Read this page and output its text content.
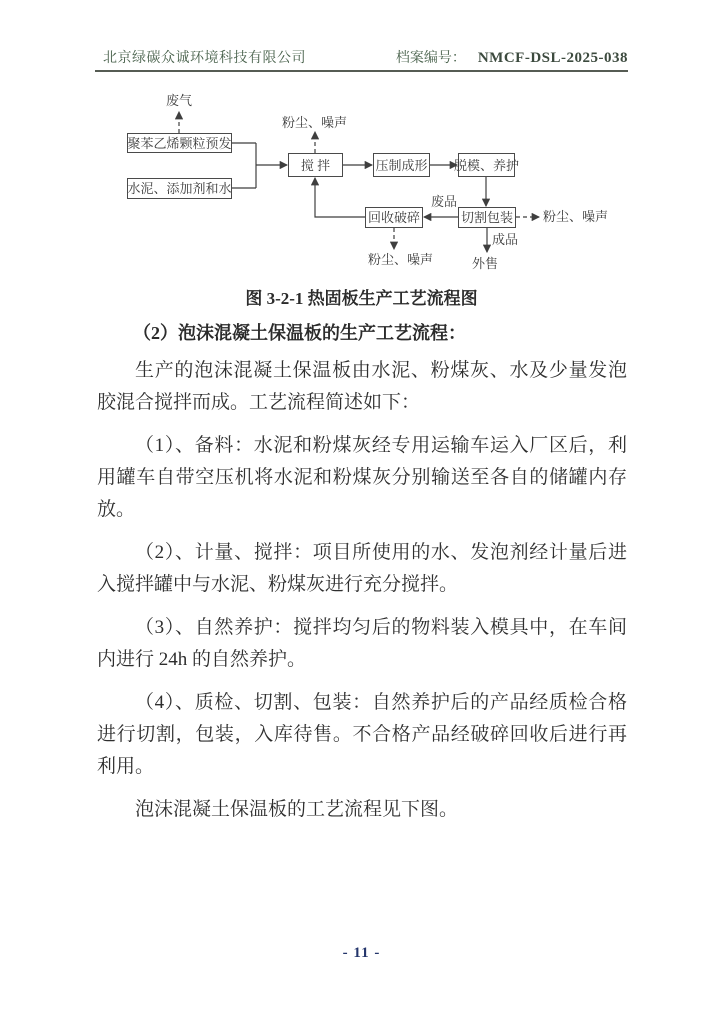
北京绿碳众诚环境科技有限公司	档案编号： NMCF-DSL-2025-038
聚苯乙烯颗粒预发
水泥、添加剂和水
搅 拌	压制成形 脱模、养护
切割包装
回收破碎
废气
粉尘、噪声
废品
粉尘、噪声
成品
外售
粉尘、噪声
图 3-2-1 热固板生产工艺流程图
（2）泡沫混凝土保温板的生产工艺流程：

生产的泡沫混凝土保温板由水泥、粉煤灰、水及少量发泡胶混合搅拌而成。工艺流程简述如下：

（1）、备料：水泥和粉煤灰经专用运输车运入厂区后，利用罐车自带空压机将水泥和粉煤灰分别输送至各自的储罐内存放。

（2）、计量、搅拌：项目所使用的水、发泡剂经计量后进入搅拌罐中与水泥、粉煤灰进行充分搅拌。

（3）、自然养护：搅拌均匀后的物料装入模具中，在车间内进行 24h 的自然养护。

（4）、质检、切割、包装：自然养护后的产品经质检合格进行切割，包装，入库待售。不合格产品经破碎回收后进行再利用。

泡沫混凝土保温板的工艺流程见下图。

- 11 -
